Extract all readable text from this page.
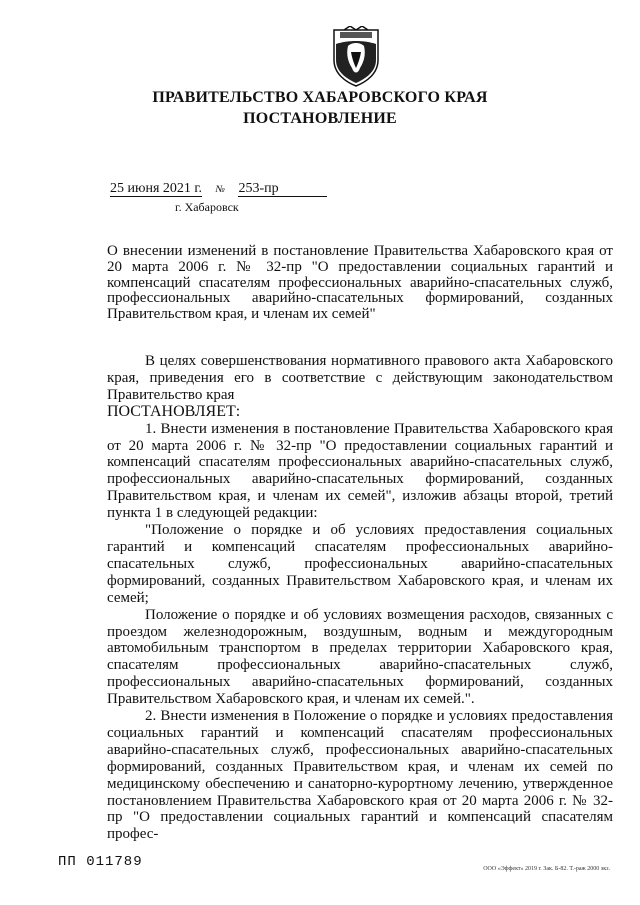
ПРАВИТЕЛЬСТВО ХАБАРОВСКОГО КРАЯ
ПОСТАНОВЛЕНИЕ
25 июня 2021 г. № 253-пр
г. Хабаровск
О внесении изменений в постановление Правительства Хабаровского края от 20 марта 2006 г. № 32-пр "О предоставлении социальных гарантий и компенсаций спасателям профессиональных аварийно-спасательных служб, профессиональных аварийно-спасательных формирований, созданных Правительством края, и членам их семей"

В целях совершенствования нормативного правового акта Хабаровского края, приведения его в соответствие с действующим законодательством Правительство края

ПОСТАНОВЛЯЕТ:

1. Внести изменения в постановление Правительства Хабаровского края от 20 марта 2006 г. № 32-пр "О предоставлении социальных гарантий и компенсаций спасателям профессиональных аварийно-спасательных служб, профессиональных аварийно-спасательных формирований, созданных Правительством края, и членам их семей", изложив абзацы второй, третий пункта 1 в следующей редакции:

"Положение о порядке и об условиях предоставления социальных гарантий и компенсаций спасателям профессиональных аварийно-спасательных служб, профессиональных аварийно-спасательных формирований, созданных Правительством Хабаровского края, и членам их семей;

Положение о порядке и об условиях возмещения расходов, связанных с проездом железнодорожным, воздушным, водным и междугородным автомобильным транспортом в пределах территории Хабаровского края, спасателям профессиональных аварийно-спасательных служб, профессиональных аварийно-спасательных формирований, созданных Правительством Хабаровского края, и членам их семей.".

2. Внести изменения в Положение о порядке и условиях предоставления социальных гарантий и компенсаций спасателям профессиональных аварийно-спасательных служб, профессиональных аварийно-спасательных формирований, созданных Правительством края, и членам их семей по медицинскому обеспечению и санаторно-курортному лечению, утвержденное постановлением Правительства Хабаровского края от 20 марта 2006 г. № 32-пр "О предоставлении социальных гарантий и компенсаций спасателям профес-

ПП 011789	ООО «Эффект» 2019 г. Зак. Б-82. Т.-раж 2000 экз.
